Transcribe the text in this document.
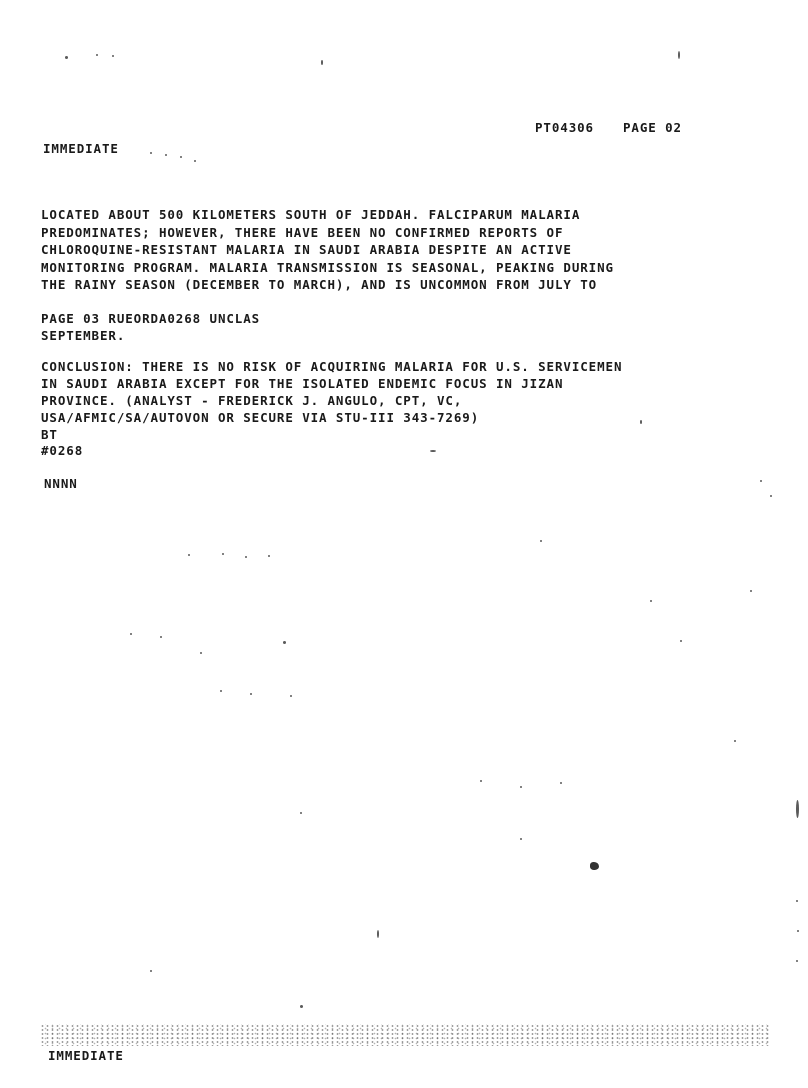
PT04306 PAGE 02
IMMEDIATE
LOCATED ABOUT 500 KILOMETERS SOUTH OF JEDDAH. FALCIPARUM MALARIA
PREDOMINATES; HOWEVER, THERE HAVE BEEN NO CONFIRMED REPORTS OF
CHLOROQUINE-RESISTANT MALARIA IN SAUDI ARABIA DESPITE AN ACTIVE
MONITORING PROGRAM. MALARIA TRANSMISSION IS SEASONAL, PEAKING DURING
THE RAINY SEASON (DECEMBER TO MARCH), AND IS UNCOMMON FROM JULY TO
PAGE 03 RUEORDA0268 UNCLAS
SEPTEMBER.
CONCLUSION: THERE IS NO RISK OF ACQUIRING MALARIA FOR U.S. SERVICEMEN
IN SAUDI ARABIA EXCEPT FOR THE ISOLATED ENDEMIC FOCUS IN JIZAN
PROVINCE. (ANALYST - FREDERICK J. ANGULO, CPT, VC,
USA/AFMIC/SA/AUTOVON OR SECURE VIA STU-III 343-7269)
BT
#0268
NNNN
IMMEDIATE
